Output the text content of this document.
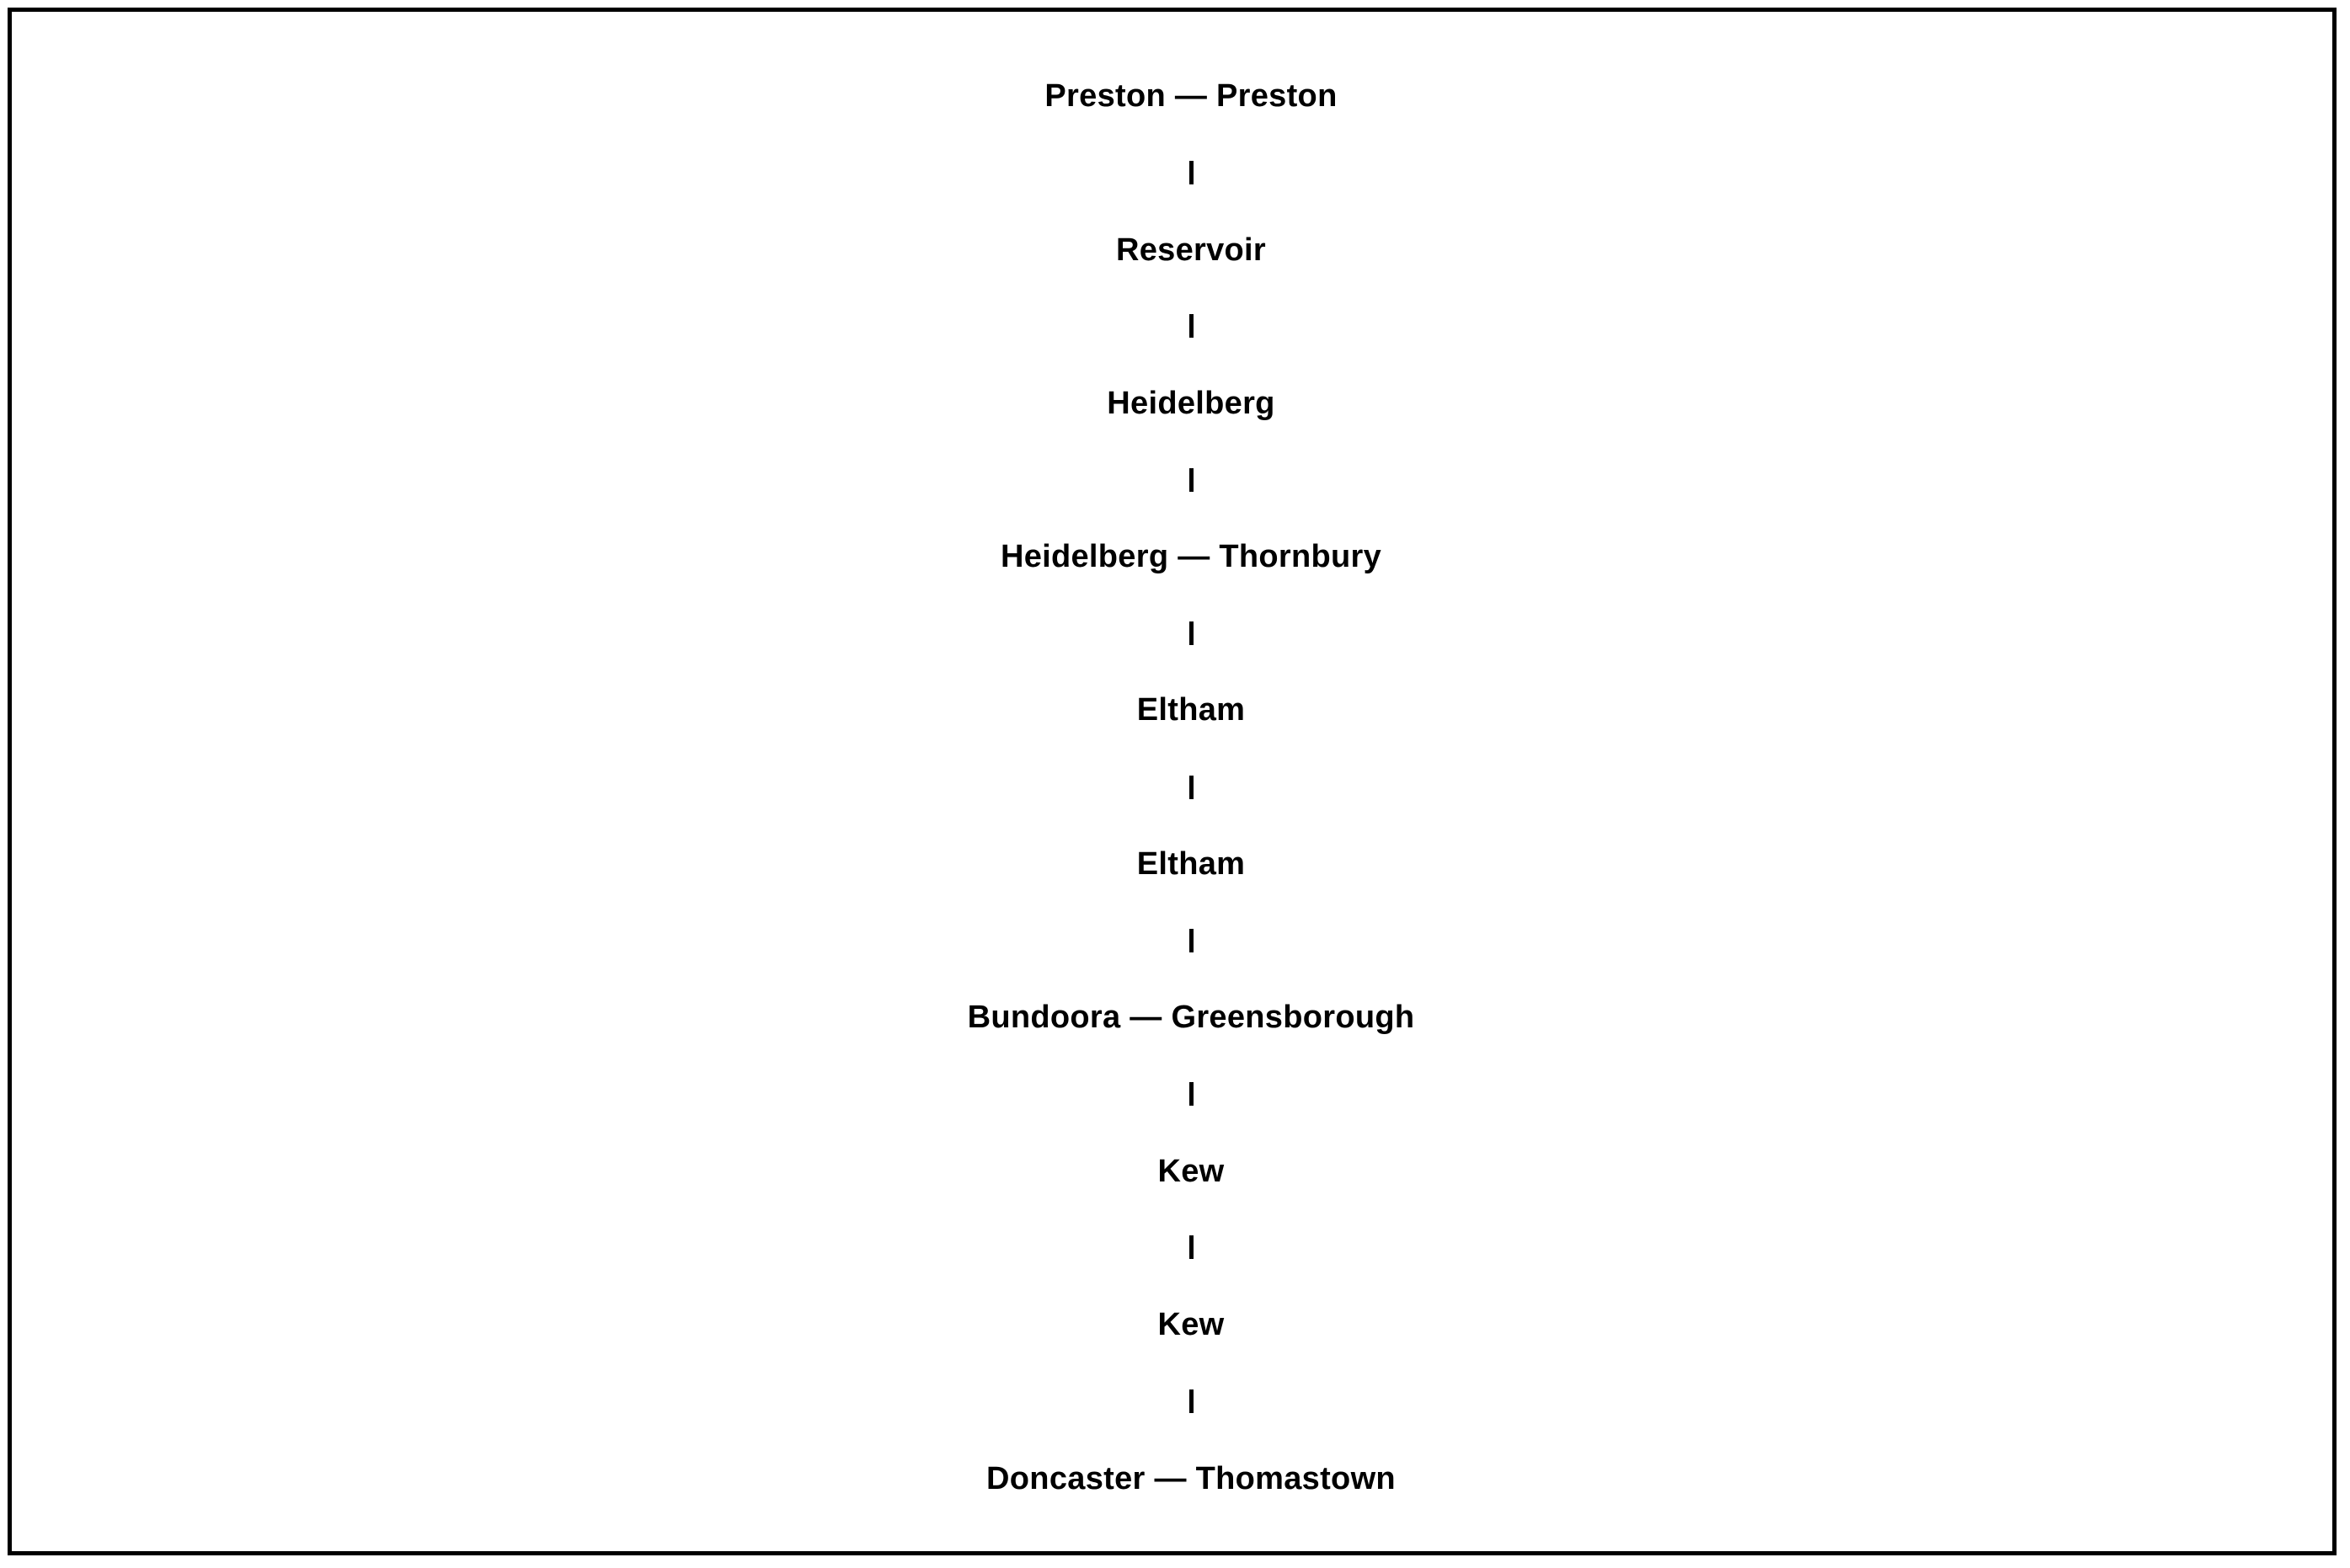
Preston — Preston
Reservoir
Heidelberg
Heidelberg — Thornbury
Eltham
Eltham
Bundoora — Greensborough
Kew
Kew
Doncaster — Thomastown
